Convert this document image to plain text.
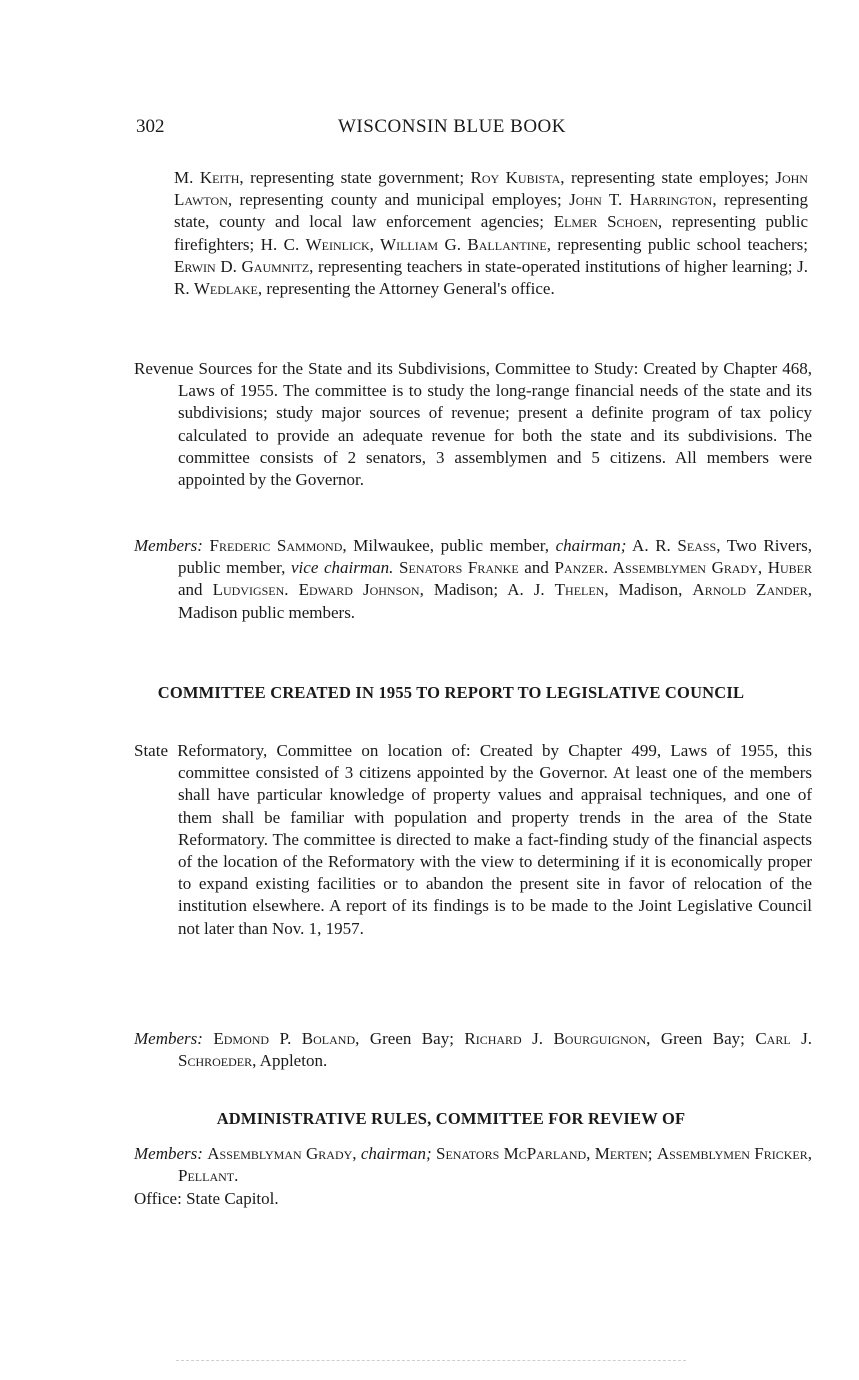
302	WISCONSIN BLUE BOOK
M. Keith, representing state government; Roy Kubista, representing state employes; John Lawton, representing county and municipal employes; John T. Harrington, representing state, county and local law enforcement agencies; Elmer Schoen, representing public firefighters; H. C. Weinlick, William G. Ballantine, representing public school teachers; Erwin D. Gaumnitz, representing teachers in state-operated institutions of higher learning; J. R. Wedlake, representing the Attorney General's office.
Revenue Sources for the State and its Subdivisions, Committee to Study: Created by Chapter 468, Laws of 1955. The committee is to study the long-range financial needs of the state and its subdivisions; study major sources of revenue; present a definite program of tax policy calculated to provide an adequate revenue for both the state and its subdivisions. The committee consists of 2 senators, 3 assemblymen and 5 citizens. All members were appointed by the Governor.
Members: Frederic Sammond, Milwaukee, public member, chairman; A. R. Seass, Two Rivers, public member, vice chairman. Senators Franke and Panzer. Assemblymen Grady, Huber and Ludvigsen. Edward Johnson, Madison; A. J. Thelen, Madison, Arnold Zander, Madison public members.
COMMITTEE CREATED IN 1955 TO REPORT TO LEGISLATIVE COUNCIL
State Reformatory, Committee on location of: Created by Chapter 499, Laws of 1955, this committee consisted of 3 citizens appointed by the Governor. At least one of the members shall have particular knowledge of property values and appraisal techniques, and one of them shall be familiar with population and property trends in the area of the State Reformatory. The committee is directed to make a fact-finding study of the financial aspects of the location of the Reformatory with the view to determining if it is economically proper to expand existing facilities or to abandon the present site in favor of relocation of the institution elsewhere. A report of its findings is to be made to the Joint Legislative Council not later than Nov. 1, 1957.
Members: Edmond P. Boland, Green Bay; Richard J. Bourguignon, Green Bay; Carl J. Schroeder, Appleton.
ADMINISTRATIVE RULES, COMMITTEE FOR REVIEW OF
Members: Assemblyman Grady, chairman; Senators McParland, Merten; Assemblymen Fricker, Pellant.
Office: State Capitol.
